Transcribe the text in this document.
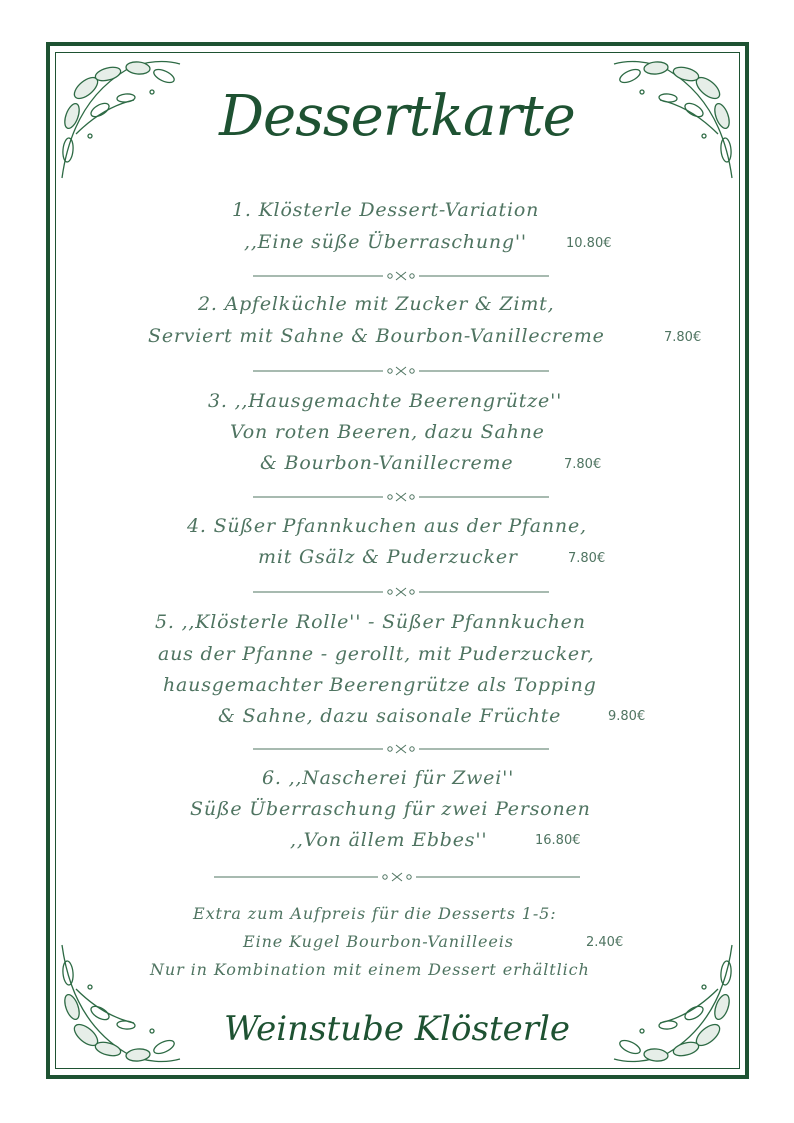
Dessertkarte
1. Klösterle Dessert-Variation
,,Eine süße Überraschung''	10.80€
2. Apfelküchle mit Zucker & Zimt,
Serviert mit Sahne & Bourbon-Vanillecreme	7.80€
3. ,,Hausgemachte Beerengrütze''
Von roten Beeren, dazu Sahne
& Bourbon-Vanillecreme	7.80€
4. Süßer Pfannkuchen aus der Pfanne,
mit Gsälz & Puderzucker	7.80€
5. ,,Klösterle Rolle'' - Süßer Pfannkuchen
aus der Pfanne - gerollt, mit Puderzucker,
hausgemachter Beerengrütze als Topping
& Sahne, dazu saisonale Früchte	9.80€
6. ,,Nascherei für Zwei''
Süße Überraschung für zwei Personen
,,Von ällem Ebbes''	16.80€
Extra zum Aufpreis für die Desserts 1-5:
Eine Kugel Bourbon-Vanilleeis	2.40€
Nur in Kombination mit einem Dessert erhältlich
Weinstube Klösterle
